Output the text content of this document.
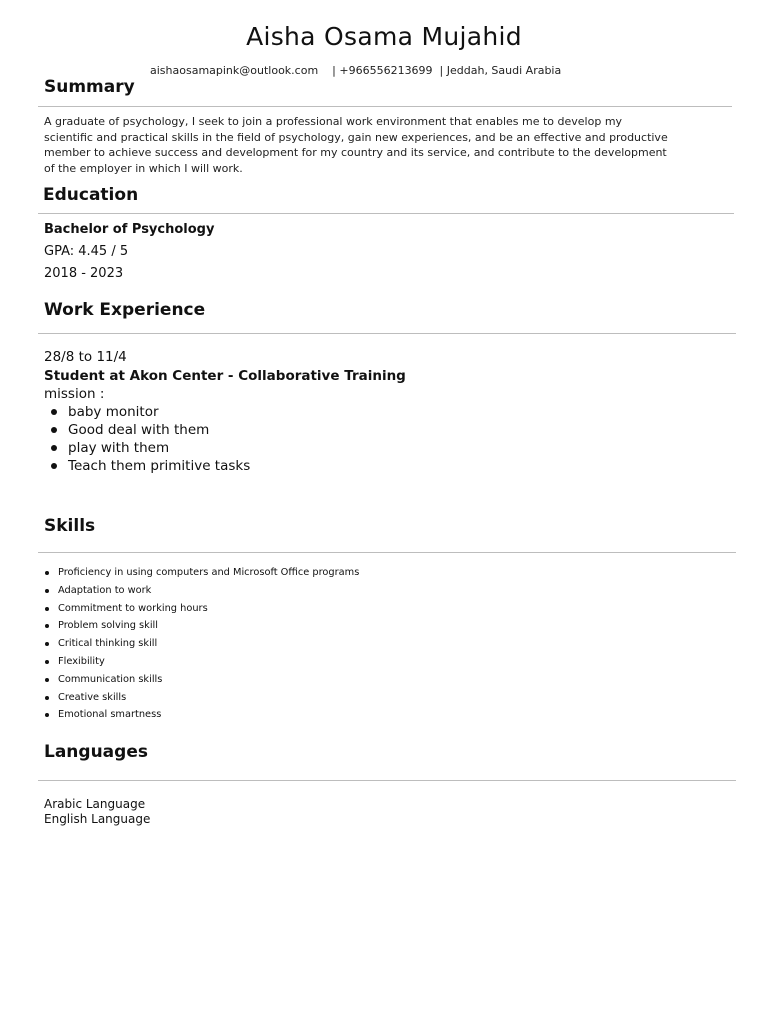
Aisha Osama Mujahid
aishaosamapink@outlook.com    | +966556213699  | Jeddah, Saudi Arabia
Summary
A graduate of psychology, I seek to join a professional work environment that enables me to develop my
scientific and practical skills in the field of psychology, gain new experiences, and be an effective and productive
member to achieve success and development for my country and its service, and contribute to the development
of the employer in which I will work.
Education
Bachelor of Psychology
GPA: 4.45 / 5
2018 - 2023
Work Experience
28/8 to 11/4
Student at Akon Center - Collaborative Training
mission :
baby monitor
Good deal with them
play with them
Teach them primitive tasks
Skills
Proficiency in using computers and Microsoft Office programs
Adaptation to work
Commitment to working hours
Problem solving skill
Critical thinking skill
Flexibility
Communication skills
Creative skills
Emotional smartness
Languages
Arabic Language
English Language
